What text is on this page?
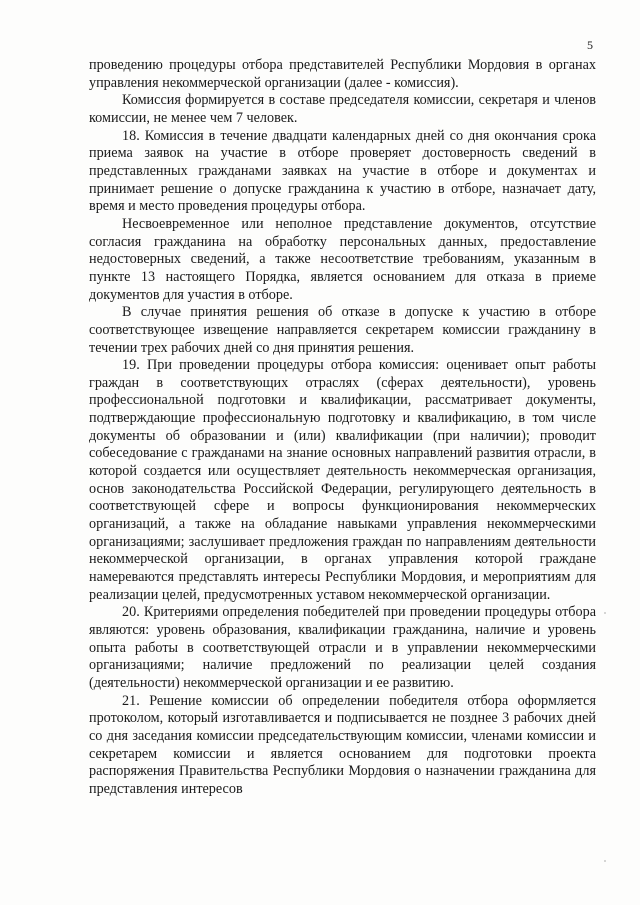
5

проведению процедуры отбора представителей Республики Мордовия в органах управления некоммерческой организации (далее - комиссия).

Комиссия формируется в составе председателя комиссии, секретаря и членов комиссии, не менее чем 7 человек.

18. Комиссия в течение двадцати календарных дней со дня окончания срока приема заявок на участие в отборе проверяет достоверность сведений в представленных гражданами заявках на участие в отборе и документах и принимает решение о допуске гражданина к участию в отборе, назначает дату, время и место проведения процедуры отбора.

Несвоевременное или неполное представление документов, отсутствие согласия гражданина на обработку персональных данных, предоставление недостоверных сведений, а также несоответствие требованиям, указанным в пункте 13 настоящего Порядка, является основанием для отказа в приеме документов для участия в отборе.

В случае принятия решения об отказе в допуске к участию в отборе соответствующее извещение направляется секретарем комиссии гражданину в течении трех рабочих дней со дня принятия решения.

19. При проведении процедуры отбора комиссия: оценивает опыт работы граждан в соответствующих отраслях (сферах деятельности), уровень профессиональной подготовки и квалификации, рассматривает документы, подтверждающие профессиональную подготовку и квалификацию, в том числе документы об образовании и (или) квалификации (при наличии); проводит собеседование с гражданами на знание основных направлений развития отрасли, в которой создается или осуществляет деятельность некоммерческая организация, основ законодательства Российской Федерации, регулирующего деятельность в соответствующей сфере и вопросы функционирования некоммерческих организаций, а также на обладание навыками управления некоммерческими организациями; заслушивает предложения граждан по направлениям деятельности некоммерческой организации, в органах управления которой граждане намереваются представлять интересы Республики Мордовия, и мероприятиям для реализации целей, предусмотренных уставом некоммерческой организации.

20. Критериями определения победителей при проведении процедуры отбора являются: уровень образования, квалификации гражданина, наличие и уровень опыта работы в соответствующей отрасли и в управлении некоммерческими организациями; наличие предложений по реализации целей создания (деятельности) некоммерческой организации и ее развитию.

21. Решение комиссии об определении победителя отбора оформляется протоколом, который изготавливается и подписывается не позднее 3 рабочих дней со дня заседания комиссии председательствующим комиссии, членами комиссии и секретарем комиссии и является основанием для подготовки проекта распоряжения Правительства Республики Мордовия о назначении гражданина для представления интересов
